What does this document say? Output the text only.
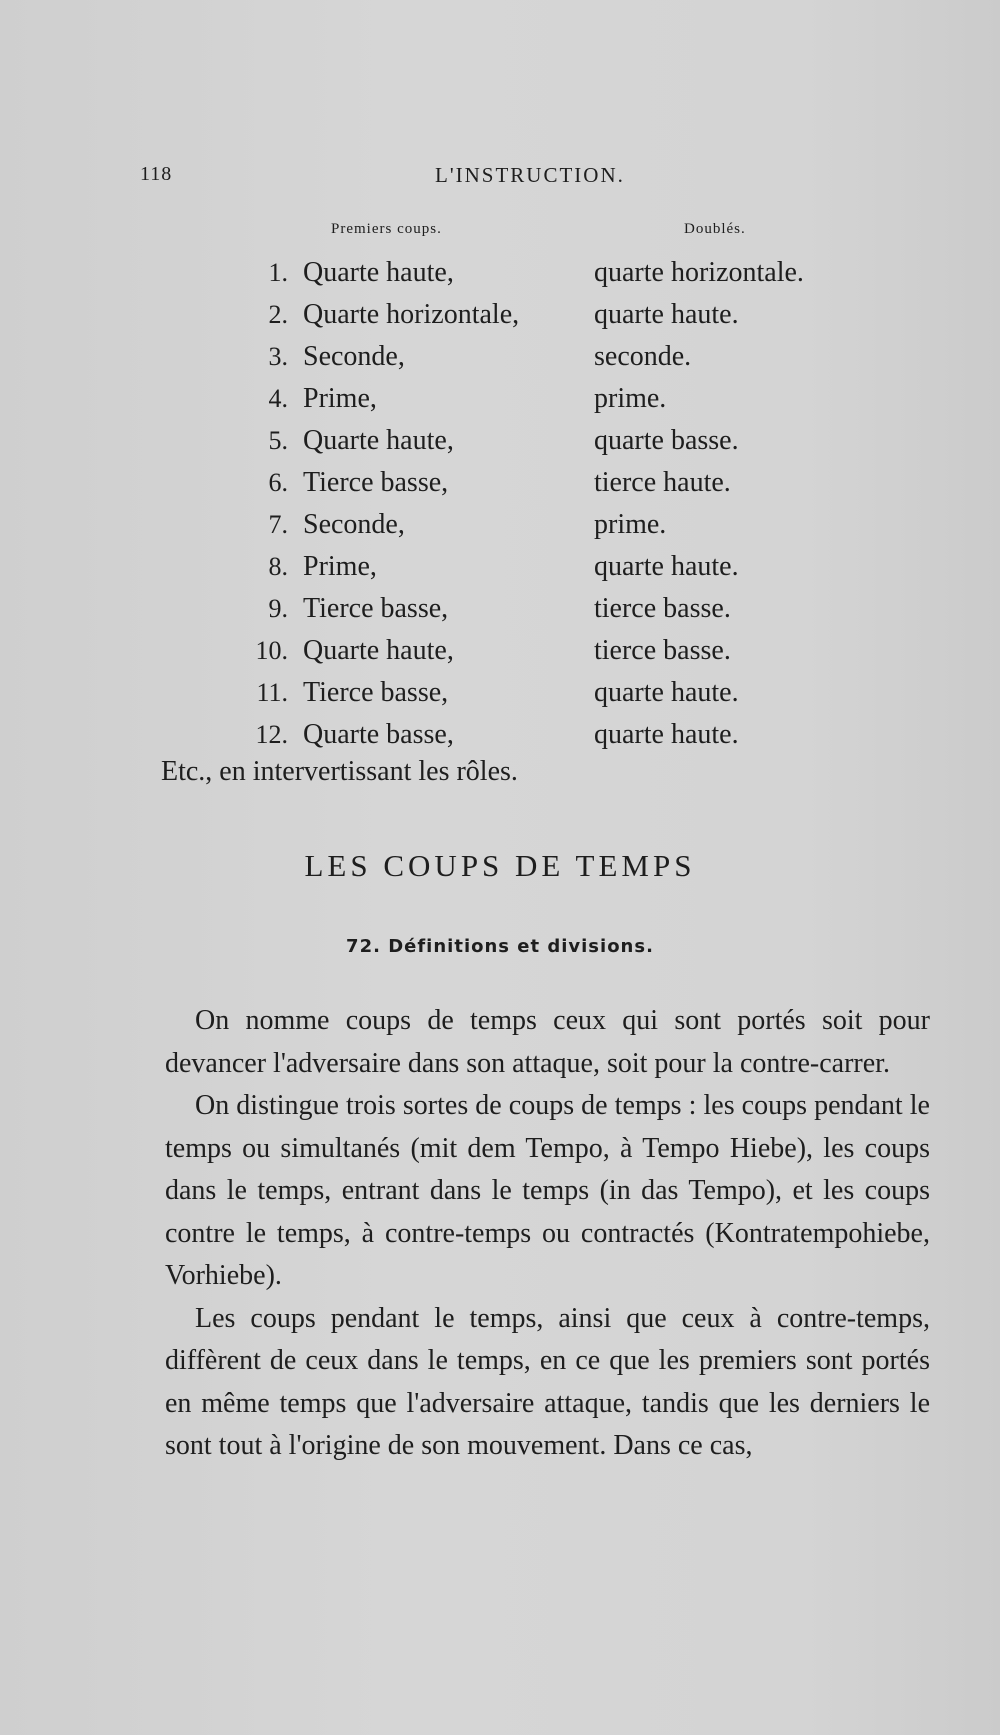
118	L'INSTRUCTION.
Premiers coups.	Doublés.
1. Quarte haute,	quarte horizontale.
2. Quarte horizontale,	quarte haute.
3. Seconde,	seconde.
4. Prime,	prime.
5. Quarte haute,	quarte basse.
6. Tierce basse,	tierce haute.
7. Seconde,	prime.
8. Prime,	quarte haute.
9. Tierce basse,	tierce basse.
10. Quarte haute,	tierce basse.
11. Tierce basse,	quarte haute.
12. Quarte basse,	quarte haute.
Etc., en intervertissant les rôles.
LES COUPS DE TEMPS
72. Définitions et divisions.

On nomme coups de temps ceux qui sont portés soit pour devancer l'adversaire dans son attaque, soit pour la contre-carrer.

On distingue trois sortes de coups de temps : les coups pendant le temps ou simultanés (mit dem Tempo, à Tempo Hiebe), les coups dans le temps, entrant dans le temps (in das Tempo), et les coups contre le temps, à contre-temps ou contractés (Kontratempohiebe, Vorhiebe).

Les coups pendant le temps, ainsi que ceux à contre-temps, diffèrent de ceux dans le temps, en ce que les premiers sont portés en même temps que l'adversaire attaque, tandis que les derniers le sont tout à l'origine de son mouvement. Dans ce cas,
